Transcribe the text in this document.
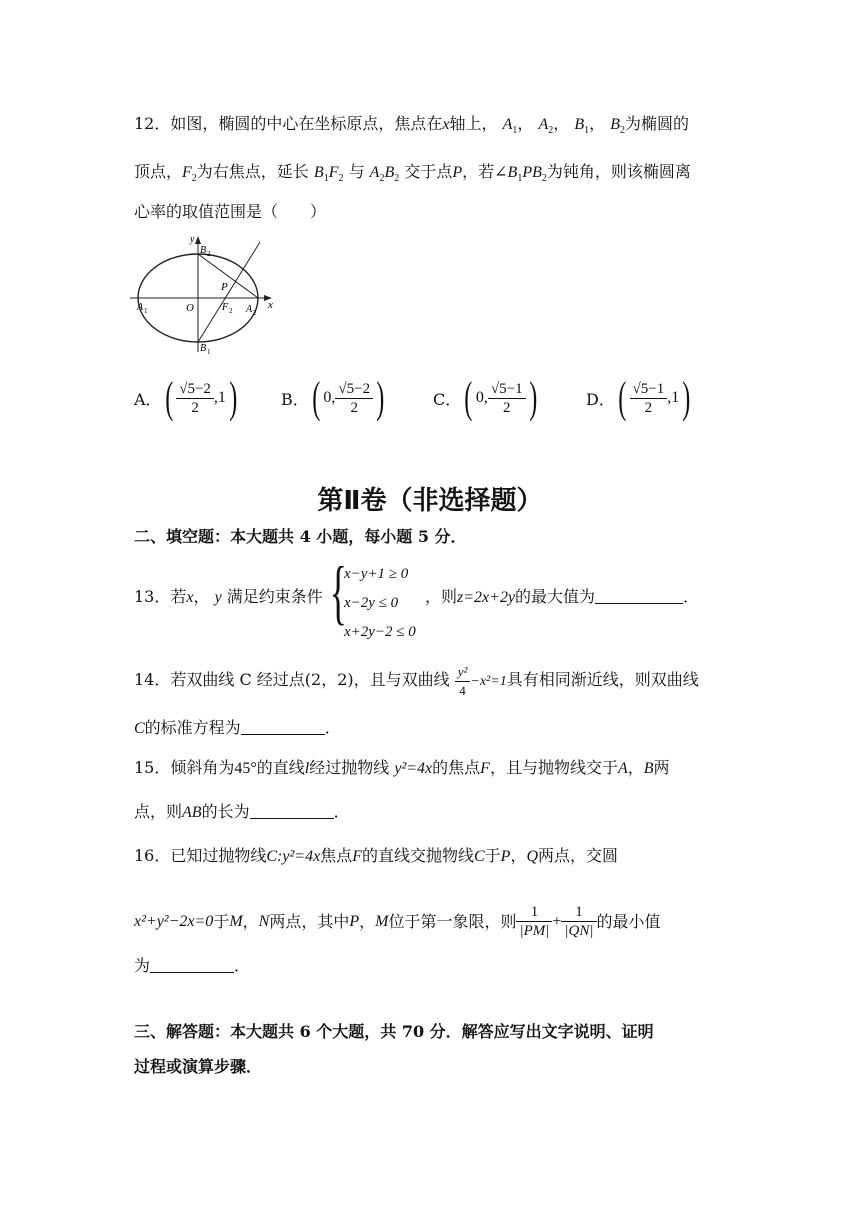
12．如图，椭圆的中心在坐标原点，焦点在x轴上， $A_1$， $A_2$， $B_1$， $B_2$为椭圆的
顶点，$F_2$为右焦点，延长 $B_1F_2$ 与 $A_2B_2$ 交于点P，若$\angle B_1PB_2$为钝角，则该椭圆离
心率的取值范围是（　　）
y
x
O
P
B 2
B 1
A 1	A 2
F 2
A． ( $\frac{√5-2}{2} ,1$ )	B． ( 0, $\frac{√5-2}{2}$ )	C． ( 0, $\frac{√5-1}{2}$ )	D． ( $\frac{√5-1}{2} ,1$ )
第Ⅱ卷（非选择题）
二、填空题：本大题共 4 小题，每小题 5 分．
13．若x， y 满足约束条件 {
x−y+1 ≥ 0
x−2y ≤ 0
x+2y−2 ≤ 0
，则z=2x+2y的最大值为	．
14．若双曲线 C 经过点(2，2)，且与双曲线 $\frac{\text{y²}}{4} -x^2=1$具有相同渐近线，则双曲线
C的标准方程为	．
15．倾斜角为45°的直线l经过抛物线 y²=4x的焦点F，且与抛物线交于A，B两
点，则AB的长为	．
16．已知过抛物线C:y²=4x焦点F的直线交抛物线C于P，Q两点，交圆
x²+y²−2x=0 于 M ， N 两点，其中 P ， M 位于第一象限，则 $\frac{1}{|PM|} + \frac{1}{|QN|}$ 的最小值
为	．
三、解答题：本大题共 6 个大题，共 70 分．解答应写出文字说明、证明
过程或演算步骤．
